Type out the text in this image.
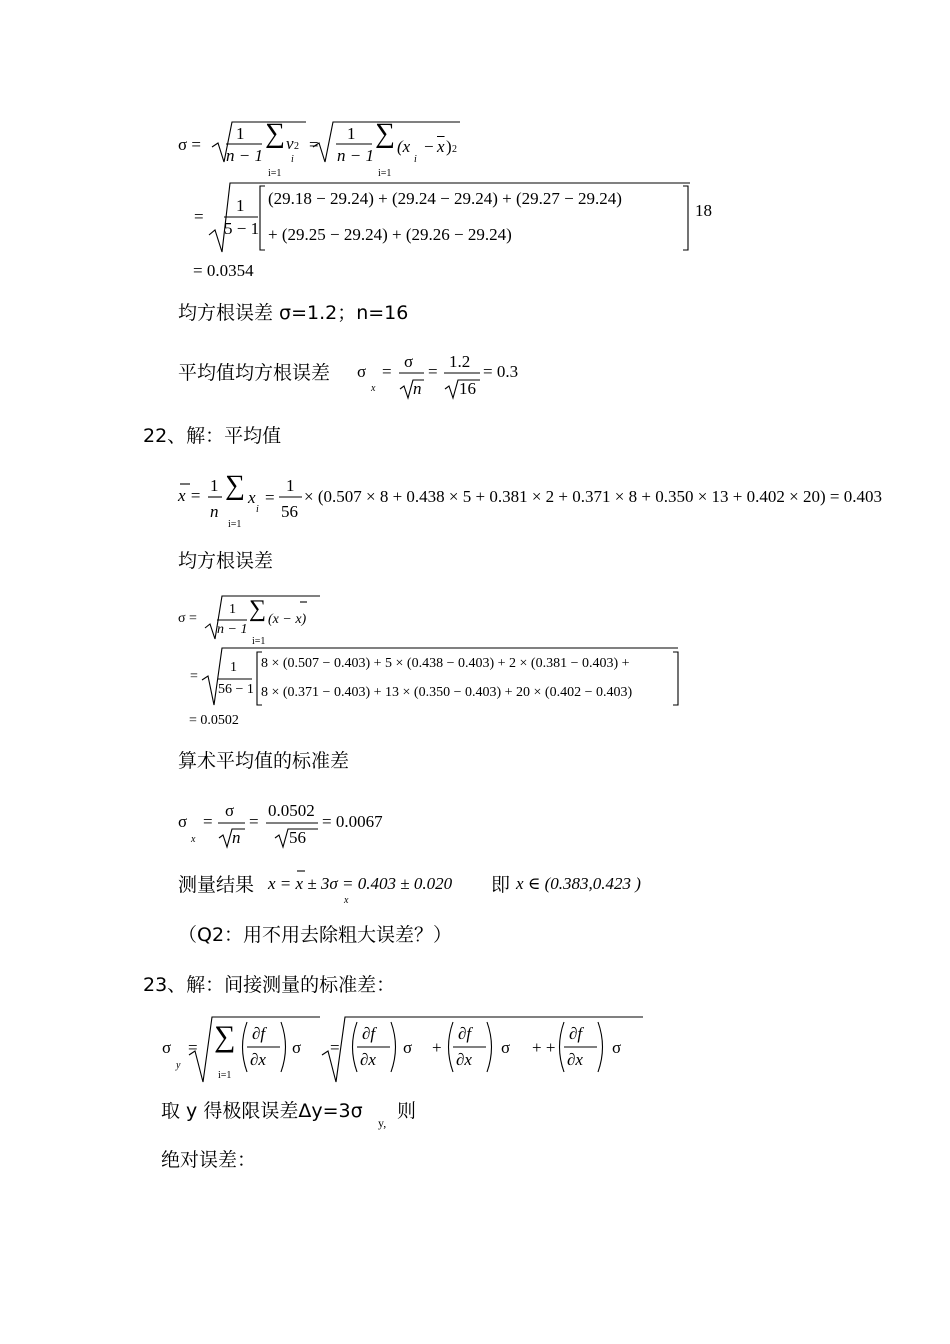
σ =
1
n − 1
∑
i=1
v 2
i
=
1
n − 1
∑
i=1
(x
i
− $\overline{x}$ ) 2
=
1
5 − 1
(29.18 − 29.24) + (29.24 − 29.24) + (29.27 − 29.24)
+ (29.25 − 29.24) + (29.26 − 29.24)
18
= 0.0354
均方根误差 σ=1.2；n=16
平均值均方根误差 σ
x
=
σ
n
=
1.2
16
= 0.3
22、解：平均值
x =
1
n
∑
i=1
x
i
=
1
56
× (0.507 × 8 + 0.438 × 5 + 0.381 × 2 + 0.371 × 8 + 0.350 × 13 + 0.402 × 20) = 0.403
均方根误差
σ =
1
n − 1
∑
i=1
(x − x)
=
1
56 − 1
8 × (0.507 − 0.403) + 5 × (0.438 − 0.403) + 2 × (0.381 − 0.403) +
8 × (0.371 − 0.403) + 13 × (0.350 − 0.403) + 20 × (0.402 − 0.403)
= 0.0502
算术平均值的标准差
σ
x
=
σ
n
=
0.0502
56
= 0.0067
测量结果 x = x ± 3σ = 0.403 ± 0.020
x
即 x ∈ (0.383,0.423 )
（Q2：用不用去除粗大误差？）
23、解：间接测量的标准差：
σ
y
= ∑
i=1
∂f
∂x
=
∂f
∂x
+
∂f
∂x
+ +
∂f
∂x
σ	σ	σ	σ
取 y 得极限误差Δy=3σ
y,
则
绝对误差：
